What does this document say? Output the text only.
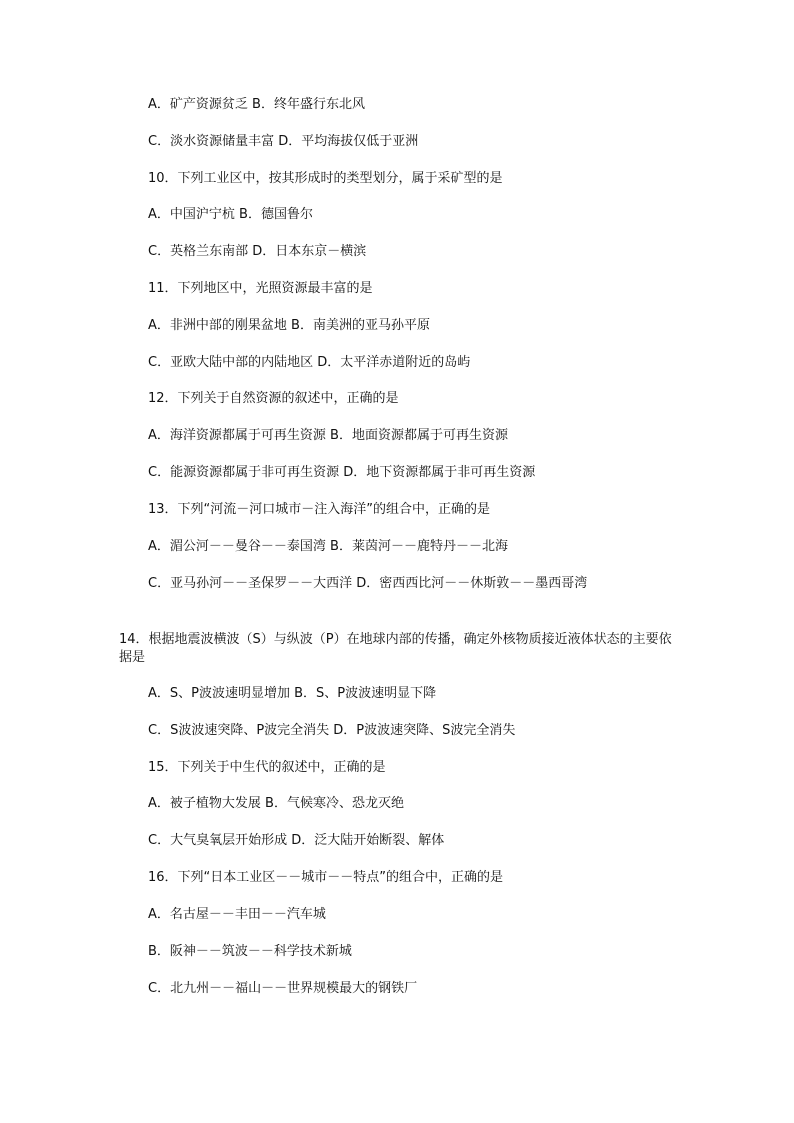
A．矿产资源贫乏 B．终年盛行东北风
C．淡水资源储量丰富 D．平均海拔仅低于亚洲
10．下列工业区中，按其形成时的类型划分，属于采矿型的是
A．中国沪宁杭 B．德国鲁尔
C．英格兰东南部 D．日本东京－横滨
11．下列地区中，光照资源最丰富的是
A．非洲中部的刚果盆地 B．南美洲的亚马孙平原
C．亚欧大陆中部的内陆地区 D．太平洋赤道附近的岛屿
12．下列关于自然资源的叙述中，正确的是
A．海洋资源都属于可再生资源 B．地面资源都属于可再生资源
C．能源资源都属于非可再生资源 D．地下资源都属于非可再生资源
13．下列“河流－河口城市－注入海洋”的组合中，正确的是
A．湄公河－－曼谷－－泰国湾 B．莱茵河－－鹿特丹－－北海
C．亚马孙河－－圣保罗－－大西洋 D．密西西比河－－休斯敦－－墨西哥湾
14．根据地震波横波（S）与纵波（P）在地球内部的传播，确定外核物质接近液体状态的主要依据是
A．S、P波波速明显增加 B．S、P波波速明显下降
C．S波波速突降、P波完全消失 D．P波波速突降、S波完全消失
15．下列关于中生代的叙述中，正确的是
A．被子植物大发展 B．气候寒冷、恐龙灭绝
C．大气臭氧层开始形成 D．泛大陆开始断裂、解体
16．下列“日本工业区－－城市－－特点”的组合中，正确的是
A．名古屋－－丰田－－汽车城
B．阪神－－筑波－－科学技术新城
C．北九州－－福山－－世界规模最大的钢铁厂
